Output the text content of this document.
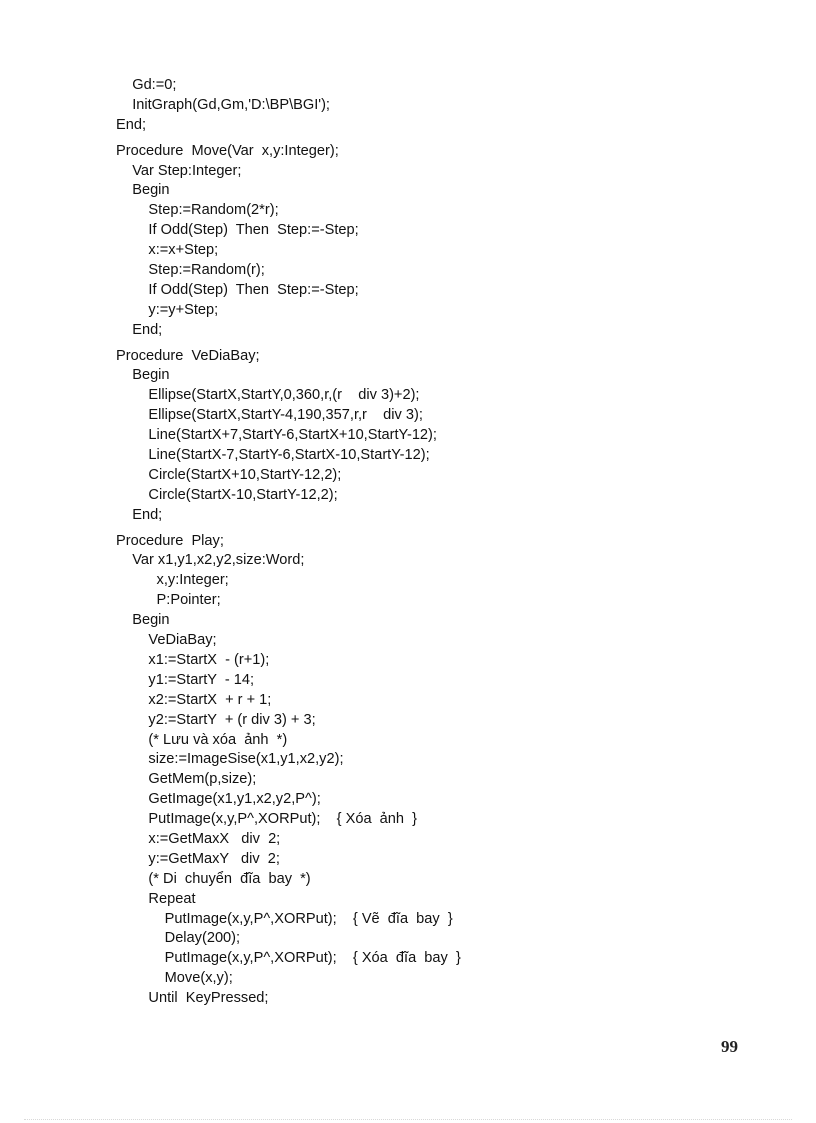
Gd:=0;
InitGraph(Gd,Gm,'D:\BP\BGI');
End;
Procedure  Move(Var  x,y:Integer);
Var Step:Integer;
Begin
Step:=Random(2*r);
If Odd(Step)  Then  Step:=-Step;
x:=x+Step;
Step:=Random(r);
If Odd(Step)  Then  Step:=-Step;
y:=y+Step;
End;
Procedure  VeDiaBay;
Begin
Ellipse(StartX,StartY,0,360,r,(r    div 3)+2);
Ellipse(StartX,StartY-4,190,357,r,r    div 3);
Line(StartX+7,StartY-6,StartX+10,StartY-12);
Line(StartX-7,StartY-6,StartX-10,StartY-12);
Circle(StartX+10,StartY-12,2);
Circle(StartX-10,StartY-12,2);
End;
Procedure  Play;
Var x1,y1,x2,y2,size:Word;
x,y:Integer;
P:Pointer;
Begin
VeDiaBay;
x1:=StartX  - (r+1);
y1:=StartY  - 14;
x2:=StartX  + r + 1;
y2:=StartY  + (r div 3) + 3;
(* Lưu và xóa  ảnh  *)
size:=ImageSise(x1,y1,x2,y2);
GetMem(p,size);
GetImage(x1,y1,x2,y2,P^);
PutImage(x,y,P^,XORPut);    { Xóa  ảnh  }
x:=GetMaxX   div  2;
y:=GetMaxY   div  2;
(* Di  chuyển  đĩa  bay  *)
Repeat
PutImage(x,y,P^,XORPut);    { Vẽ  đĩa  bay  }
Delay(200);
PutImage(x,y,P^,XORPut);    { Xóa  đĩa  bay  }
Move(x,y);
Until  KeyPressed;
99
